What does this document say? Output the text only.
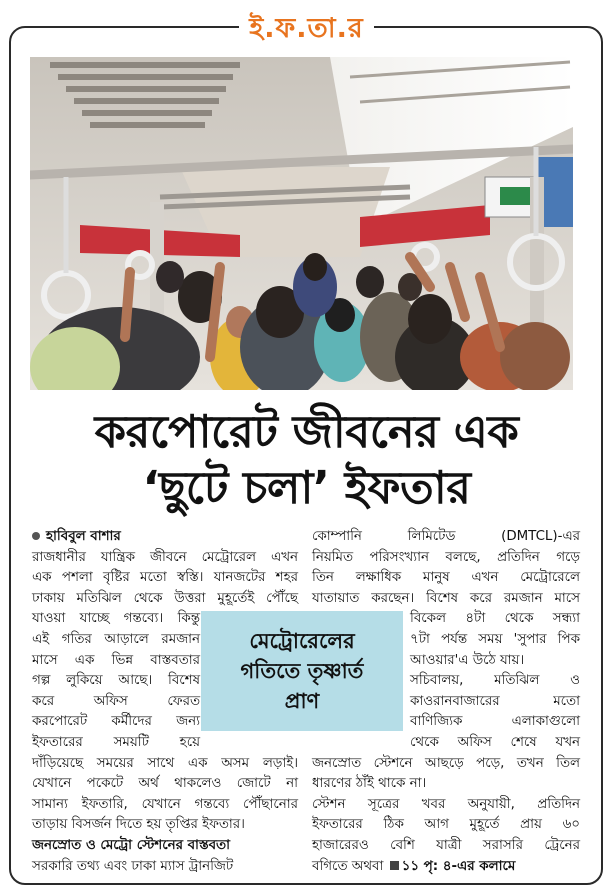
ই.ফ.তা.র
করপোরেট জীবনের এক
‘ছুটে চলা’ ইফতার

হাবিবুল বাশার

রাজধানীর যান্ত্রিক জীবনে মেট্রোরেল এখন

এক পশলা বৃষ্টির মতো স্বস্তি। যানজটের শহর

ঢাকায় মতিঝিল থেকে উত্তরা মুহূর্তেই পৌঁছে

যাওয়া যাচ্ছে গন্তব্যে। কিন্তু

এই গতির আড়ালে রমজান

মাসে এক ভিন্ন বাস্তবতার

গল্প লুকিয়ে আছে। বিশেষ

করে অফিস ফেরত

করপোরেট কর্মীদের জন্য

ইফতারের সময়টি হয়ে

দাঁড়িয়েছে সময়ের সাথে এক অসম লড়াই।

যেখানে পকেটে অর্থ থাকলেও জোটে না

সামান্য ইফতারি, যেখানে গন্তব্যে পৌঁছানোর

তাড়ায় বিসর্জন দিতে হয় তৃপ্তির ইফতার।

জনস্রোত ও মেট্রো স্টেশনের বাস্তবতা

সরকারি তথ্য এবং ঢাকা ম্যাস ট্রানজিট

কোম্পানি লিমিটেড (DMTCL)-এর

নিয়মিত পরিসংখ্যান বলছে, প্রতিদিন গড়ে

তিন লক্ষাধিক মানুষ এখন মেট্রোরেলে

যাতায়াত করছেন। বিশেষ করে রমজান মাসে

বিকেল ৪টা থেকে সন্ধ্যা

৭টা পর্যন্ত সময় 'সুপার পিক

আওয়ার'এ উঠে যায়।

সচিবালয়, মতিঝিল ও

কাওরানবাজারের মতো

বাণিজ্যিক এলাকাগুলো

থেকে অফিস শেষে যখন

জনস্রোত স্টেশনে আছড়ে পড়ে, তখন তিল

ধারণের ঠাঁই থাকে না।

স্টেশন সূত্রের খবর অনুযায়ী, প্রতিদিন

ইফতারের ঠিক আগ মুহূর্তে প্রায় ৬০

হাজারেরও বেশি যাত্রী সরাসরি ট্রেনের

বগিতে অথবা ১১ পৃ: ৪-এর কলামে

মেট্রোরেলের
গতিতে তৃষ্ণার্ত
প্রাণ
